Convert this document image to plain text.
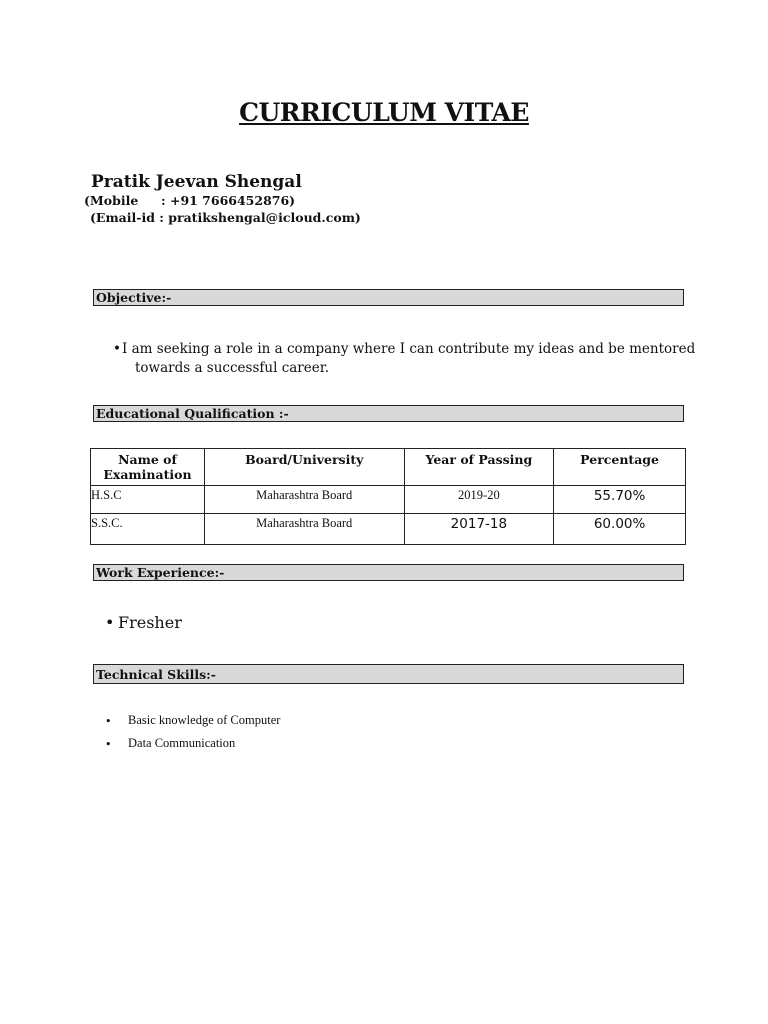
CURRICULUM VITAE
Pratik Jeevan Shengal
(Mobile : +91 7666452876)
(Email-id : pratikshengal@icloud.com)
Objective:-
• I am seeking a role in a company where I can contribute my ideas and be mentored
towards a successful career.
Educational Qualification :-
Name of Examination	Board/University	Year of Passing	Percentage
H.S.C	Maharashtra Board	2019-20	55.70%
S.S.C.	Maharashtra Board	2017-18	60.00%
Work Experience:-
• Fresher
Technical Skills:-
• Basic knowledge of Computer
• Data Communication
